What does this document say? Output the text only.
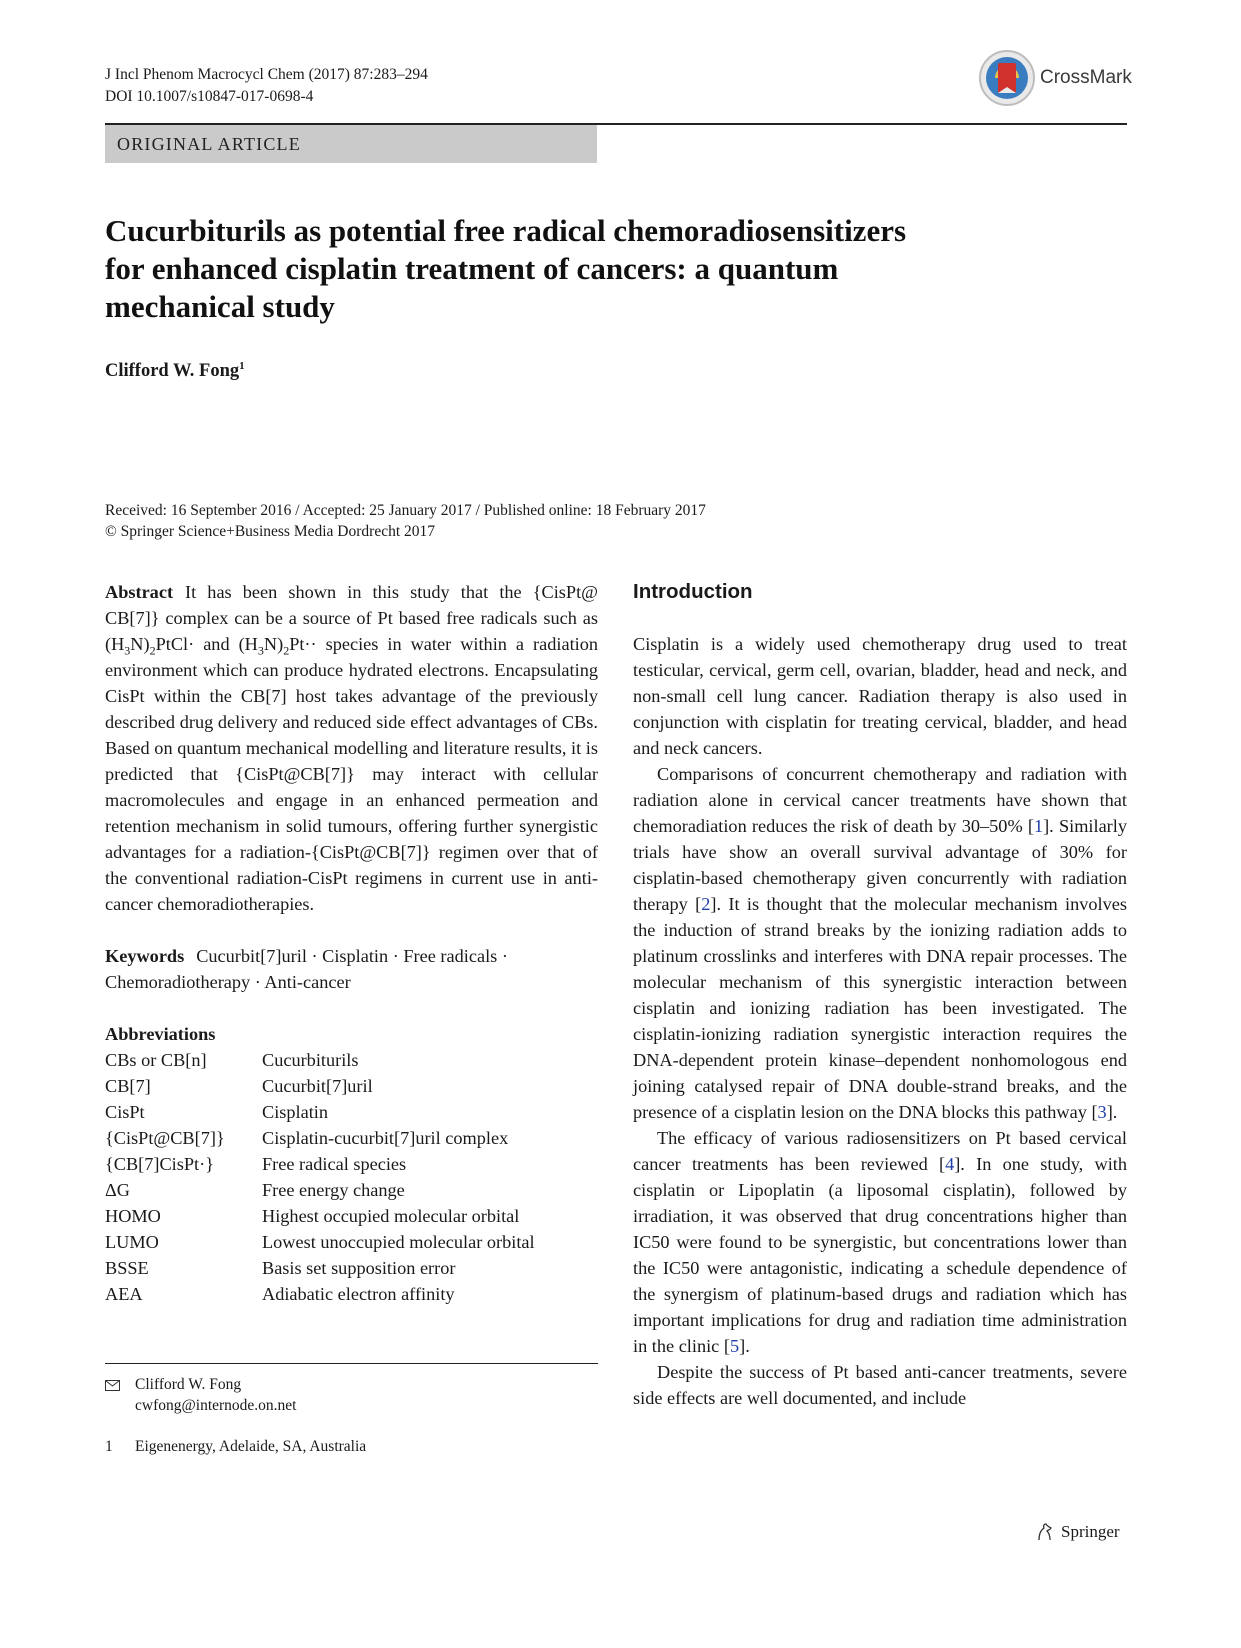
J Incl Phenom Macrocycl Chem (2017) 87:283–294
DOI 10.1007/s10847-017-0698-4
CrossMark
ORIGINAL ARTICLE
Cucurbiturils as potential free radical chemoradiosensitizers
for enhanced cisplatin treatment of cancers: a quantum
mechanical study
Clifford W. Fong$^1$
Received: 16 September 2016 / Accepted: 25 January 2017 / Published online: 18 February 2017
© Springer Science+Business Media Dordrecht 2017

Abstract It has been shown in this study that the {CisPt@ CB[7]} complex can be a source of Pt based free radicals such as $(H_3N)_2PtCl\cdot$ and $(H_3N)_2Pt\cdot\cdot$ species in water within a radiation environment which can produce hydrated electrons. Encapsulating CisPt within the CB[7] host takes advantage of the previously described drug delivery and reduced side effect advantages of CBs. Based on quantum mechanical modelling and literature results, it is predicted that {CisPt@CB[7]} may interact with cellular macromolecules and engage in an enhanced permeation and retention mechanism in solid tumours, offering further synergistic advantages for a radiation-{CisPt@CB[7]} regimen over that of the conventional radiation-CisPt regimens in current use in anti-cancer chemoradiotherapies.

Keywords Cucurbit[7]uril · Cisplatin · Free radicals · Chemoradiotherapy · Anti-cancer

Abbreviations
CBs or CB[n]	Cucurbiturils
CB[7]	Cucurbit[7]uril
CisPt	Cisplatin
{CisPt@CB[7]}	Cisplatin-cucurbit[7]uril complex
{CB[7]CisPt·}	Free radical species
ΔG	Free energy change
HOMO	Highest occupied molecular orbital
LUMO	Lowest unoccupied molecular orbital
BSSE	Basis set supposition error
AEA	Adiabatic electron affinity
Clifford W. Fong
cwfong@internode.on.net
1	Eigenenergy, Adelaide, SA, Australia
Introduction

Cisplatin is a widely used chemotherapy drug used to treat testicular, cervical, germ cell, ovarian, bladder, head and neck, and non-small cell lung cancer. Radiation therapy is also used in conjunction with cisplatin for treating cervical, bladder, and head and neck cancers.

Comparisons of concurrent chemotherapy and radiation with radiation alone in cervical cancer treatments have shown that chemoradiation reduces the risk of death by 30–50% [1]. Similarly trials have show an overall survival advantage of 30% for cisplatin-based chemotherapy given concurrently with radiation therapy [2]. It is thought that the molecular mechanism involves the induction of strand breaks by the ionizing radiation adds to platinum crosslinks and interferes with DNA repair processes. The molecular mechanism of this synergistic interaction between cisplatin and ionizing radiation has been investigated. The cisplatin-ionizing radiation synergistic interaction requires the DNA-dependent protein kinase–dependent nonhomologous end joining catalysed repair of DNA double-strand breaks, and the presence of a cisplatin lesion on the DNA blocks this pathway [3].

The efficacy of various radiosensitizers on Pt based cervical cancer treatments has been reviewed [4]. In one study, with cisplatin or Lipoplatin (a liposomal cisplatin), followed by irradiation, it was observed that drug concentrations higher than IC50 were found to be synergistic, but concentrations lower than the IC50 were antagonistic, indicating a schedule dependence of the synergism of platinum-based drugs and radiation which has important implications for drug and radiation time administration in the clinic [5].

Despite the success of Pt based anti-cancer treatments, severe side effects are well documented, and include

Springer
